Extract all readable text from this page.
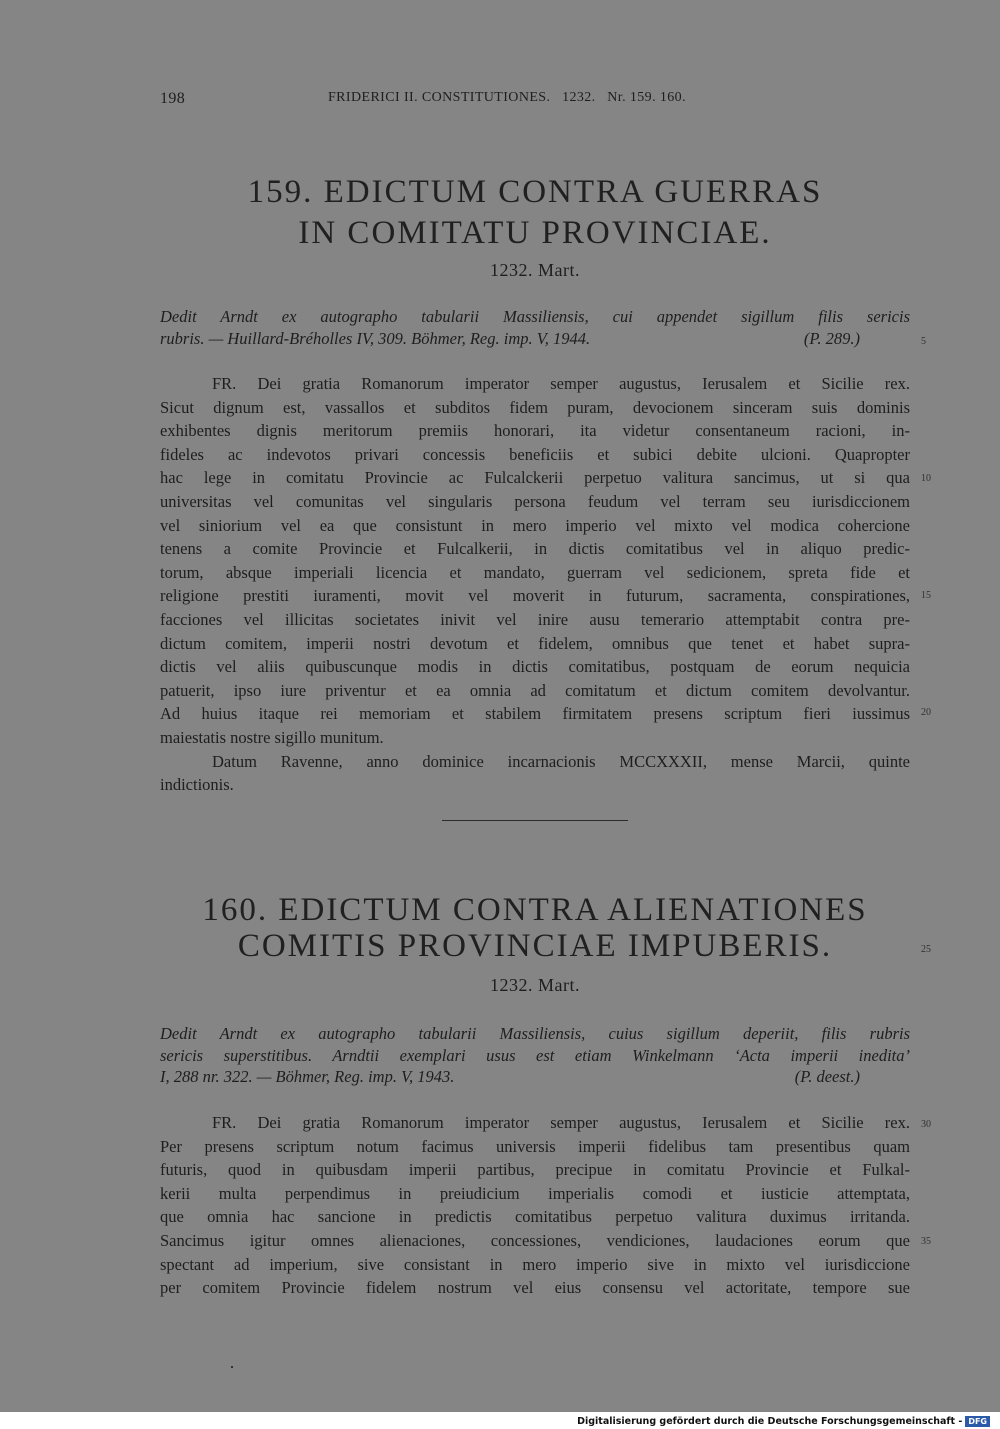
198	FRIDERICI II. CONSTITUTIONES.   1232.   Nr. 159. 160.
159. EDICTUM CONTRA GUERRAS
IN COMITATU PROVINCIAE.
1232. Mart.
Dedit Arndt ex autographo tabularii Massiliensis, cui appendet sigillum filis sericis
rubris. — Huillard-Bréholles IV, 309. Böhmer, Reg. imp. V, 1944.	(P. 289.)
FR. Dei gratia Romanorum imperator semper augustus, Ierusalem et Sicilie rex.
Sicut dignum est, vassallos et subditos fidem puram, devocionem sinceram suis dominis
exhibentes dignis meritorum premiis honorari, ita videtur consentaneum racioni, in-
fideles ac indevotos privari concessis beneficiis et subici debite ulcioni. Quapropter
hac lege in comitatu Provincie ac Fulcalckerii perpetuo valitura sancimus, ut si qua
universitas vel comunitas vel singularis persona feudum vel terram seu iurisdiccionem
vel siniorium vel ea que consistunt in mero imperio vel mixto vel modica cohercione
tenens a comite Provincie et Fulcalkerii, in dictis comitatibus vel in aliquo predic-
torum, absque imperiali licencia et mandato, guerram vel sedicionem, spreta fide et
religione prestiti iuramenti, movit vel moverit in futurum, sacramenta, conspirationes,
facciones vel illicitas societates inivit vel inire ausu temerario attemptabit contra pre-
dictum comitem, imperii nostri devotum et fidelem, omnibus que tenet et habet supra-
dictis vel aliis quibuscunque modis in dictis comitatibus, postquam de eorum nequicia
patuerit, ipso iure priventur et ea omnia ad comitatum et dictum comitem devolvantur.
Ad huius itaque rei memoriam et stabilem firmitatem presens scriptum fieri iussimus
maiestatis nostre sigillo munitum.
Datum Ravenne, anno dominice incarnacionis MCCXXXII, mense Marcii, quinte
indictionis.
160. EDICTUM CONTRA ALIENATIONES
COMITIS PROVINCIAE IMPUBERIS.
1232. Mart.
Dedit Arndt ex autographo tabularii Massiliensis, cuius sigillum deperiit, filis rubris
sericis superstitibus. Arndtii exemplari usus est etiam Winkelmann ‘Acta imperii inedita’
I, 288 nr. 322. — Böhmer, Reg. imp. V, 1943.	(P. deest.)
FR. Dei gratia Romanorum imperator semper augustus, Ierusalem et Sicilie rex.
Per presens scriptum notum facimus universis imperii fidelibus tam presentibus quam
futuris, quod in quibusdam imperii partibus, precipue in comitatu Provincie et Fulkal-
kerii multa perpendimus in preiudicium imperialis comodi et iusticie attemptata,
que omnia hac sancione in predictis comitatibus perpetuo valitura duximus irritanda.
Sancimus igitur omnes alienaciones, concessiones, vendiciones, laudaciones eorum que
spectant ad imperium, sive consistant in mero imperio sive in mixto vel iurisdiccione
per comitem Provincie fidelem nostrum vel eius consensu vel actoritate, tempore sue
5
10
15
20
25
30
35
Digitalisierung gefördert durch die Deutsche Forschungsgemeinschaft - DFG
